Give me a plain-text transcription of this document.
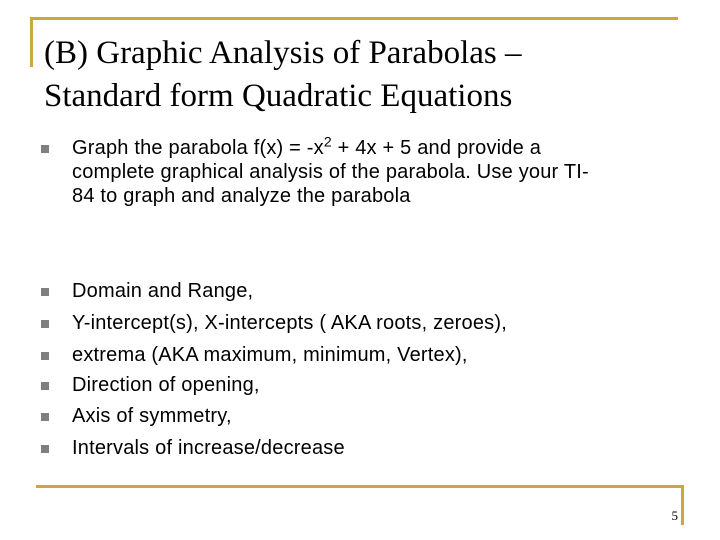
(B) Graphic Analysis of Parabolas –
Standard form Quadratic Equations
Graph the parabola $f(x) = -x^2 + 4x + 5$ and provide a
complete graphical analysis of the parabola. Use your TI-
84 to graph and analyze the parabola
Domain and Range,
Y-intercept(s), X-intercepts ( AKA roots, zeroes),
extrema (AKA maximum, minimum, Vertex),
Direction of opening,
Axis of symmetry,
Intervals of increase/decrease
5
